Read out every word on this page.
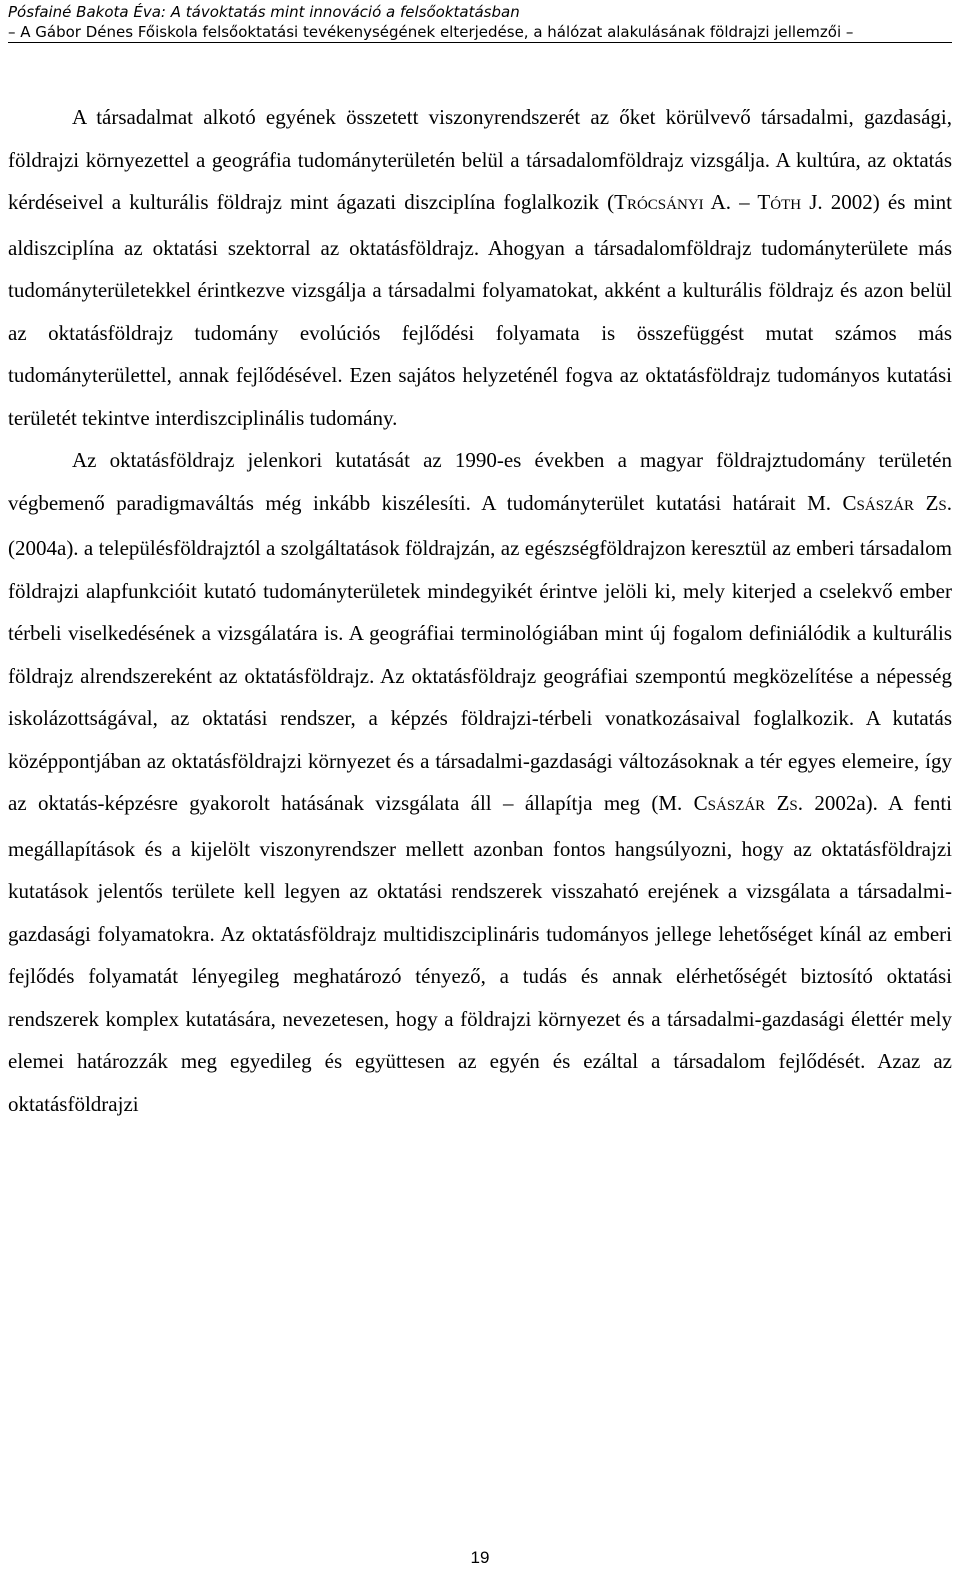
Pósfainé Bakota Éva: A távoktatás mint innováció a felsőoktatásban
– A Gábor Dénes Főiskola felsőoktatási tevékenységének elterjedése, a hálózat alakulásának földrajzi jellemzői –

A társadalmat alkotó egyének összetett viszonyrendszerét az őket körülvevő társadalmi, gazdasági, földrajzi környezettel a geográfia tudományterületén belül a társadalomföldrajz vizsgálja. A kultúra, az oktatás kérdéseivel a kulturális földrajz mint ágazati diszciplína foglalkozik (TRÓCSÁNYI A. – TÓTH J. 2002) és mint aldiszciplína az oktatási szektorral az oktatásföldrajz. Ahogyan a társadalomföldrajz tudományterülete más tudományterületekkel érintkezve vizsgálja a társadalmi folyamatokat, akként a kulturális földrajz és azon belül az oktatásföldrajz tudomány evolúciós fejlődési folyamata is összefüggést mutat számos más tudományterülettel, annak fejlődésével. Ezen sajátos helyzeténél fogva az oktatásföldrajz tudományos kutatási területét tekintve interdiszciplinális tudomány.

Az oktatásföldrajz jelenkori kutatását az 1990-es években a magyar földrajztudomány területén végbemenő paradigmaváltás még inkább kiszélesíti. A tudományterület kutatási határait M. CSÁSZÁR ZS. (2004a). a településföldrajztól a szolgáltatások földrajzán, az egészségföldrajzon keresztül az emberi társadalom földrajzi alapfunkcióit kutató tudományterületek mindegyikét érintve jelöli ki, mely kiterjed a cselekvő ember térbeli viselkedésének a vizsgálatára is. A geográfiai terminológiában mint új fogalom definiálódik a kulturális földrajz alrendszereként az oktatásföldrajz. Az oktatásföldrajz geográfiai szempontú megközelítése a népesség iskolázottságával, az oktatási rendszer, a képzés földrajzi-térbeli vonatkozásaival foglalkozik. A kutatás középpontjában az oktatásföldrajzi környezet és a társadalmi-gazdasági változásoknak a tér egyes elemeire, így az oktatás-képzésre gyakorolt hatásának vizsgálata áll – állapítja meg (M. CSÁSZÁR ZS. 2002a). A fenti megállapítások és a kijelölt viszonyrendszer mellett azonban fontos hangsúlyozni, hogy az oktatásföldrajzi kutatások jelentős területe kell legyen az oktatási rendszerek visszaható erejének a vizsgálata a társadalmi-gazdasági folyamatokra. Az oktatásföldrajz multidiszciplináris tudományos jellege lehetőséget kínál az emberi fejlődés folyamatát lényegileg meghatározó tényező, a tudás és annak elérhetőségét biztosító oktatási rendszerek komplex kutatására, nevezetesen, hogy a földrajzi környezet és a társadalmi-gazdasági élettér mely elemei határozzák meg egyedileg és együttesen az egyén és ezáltal a társadalom fejlődését. Azaz az oktatásföldrajzi

19
